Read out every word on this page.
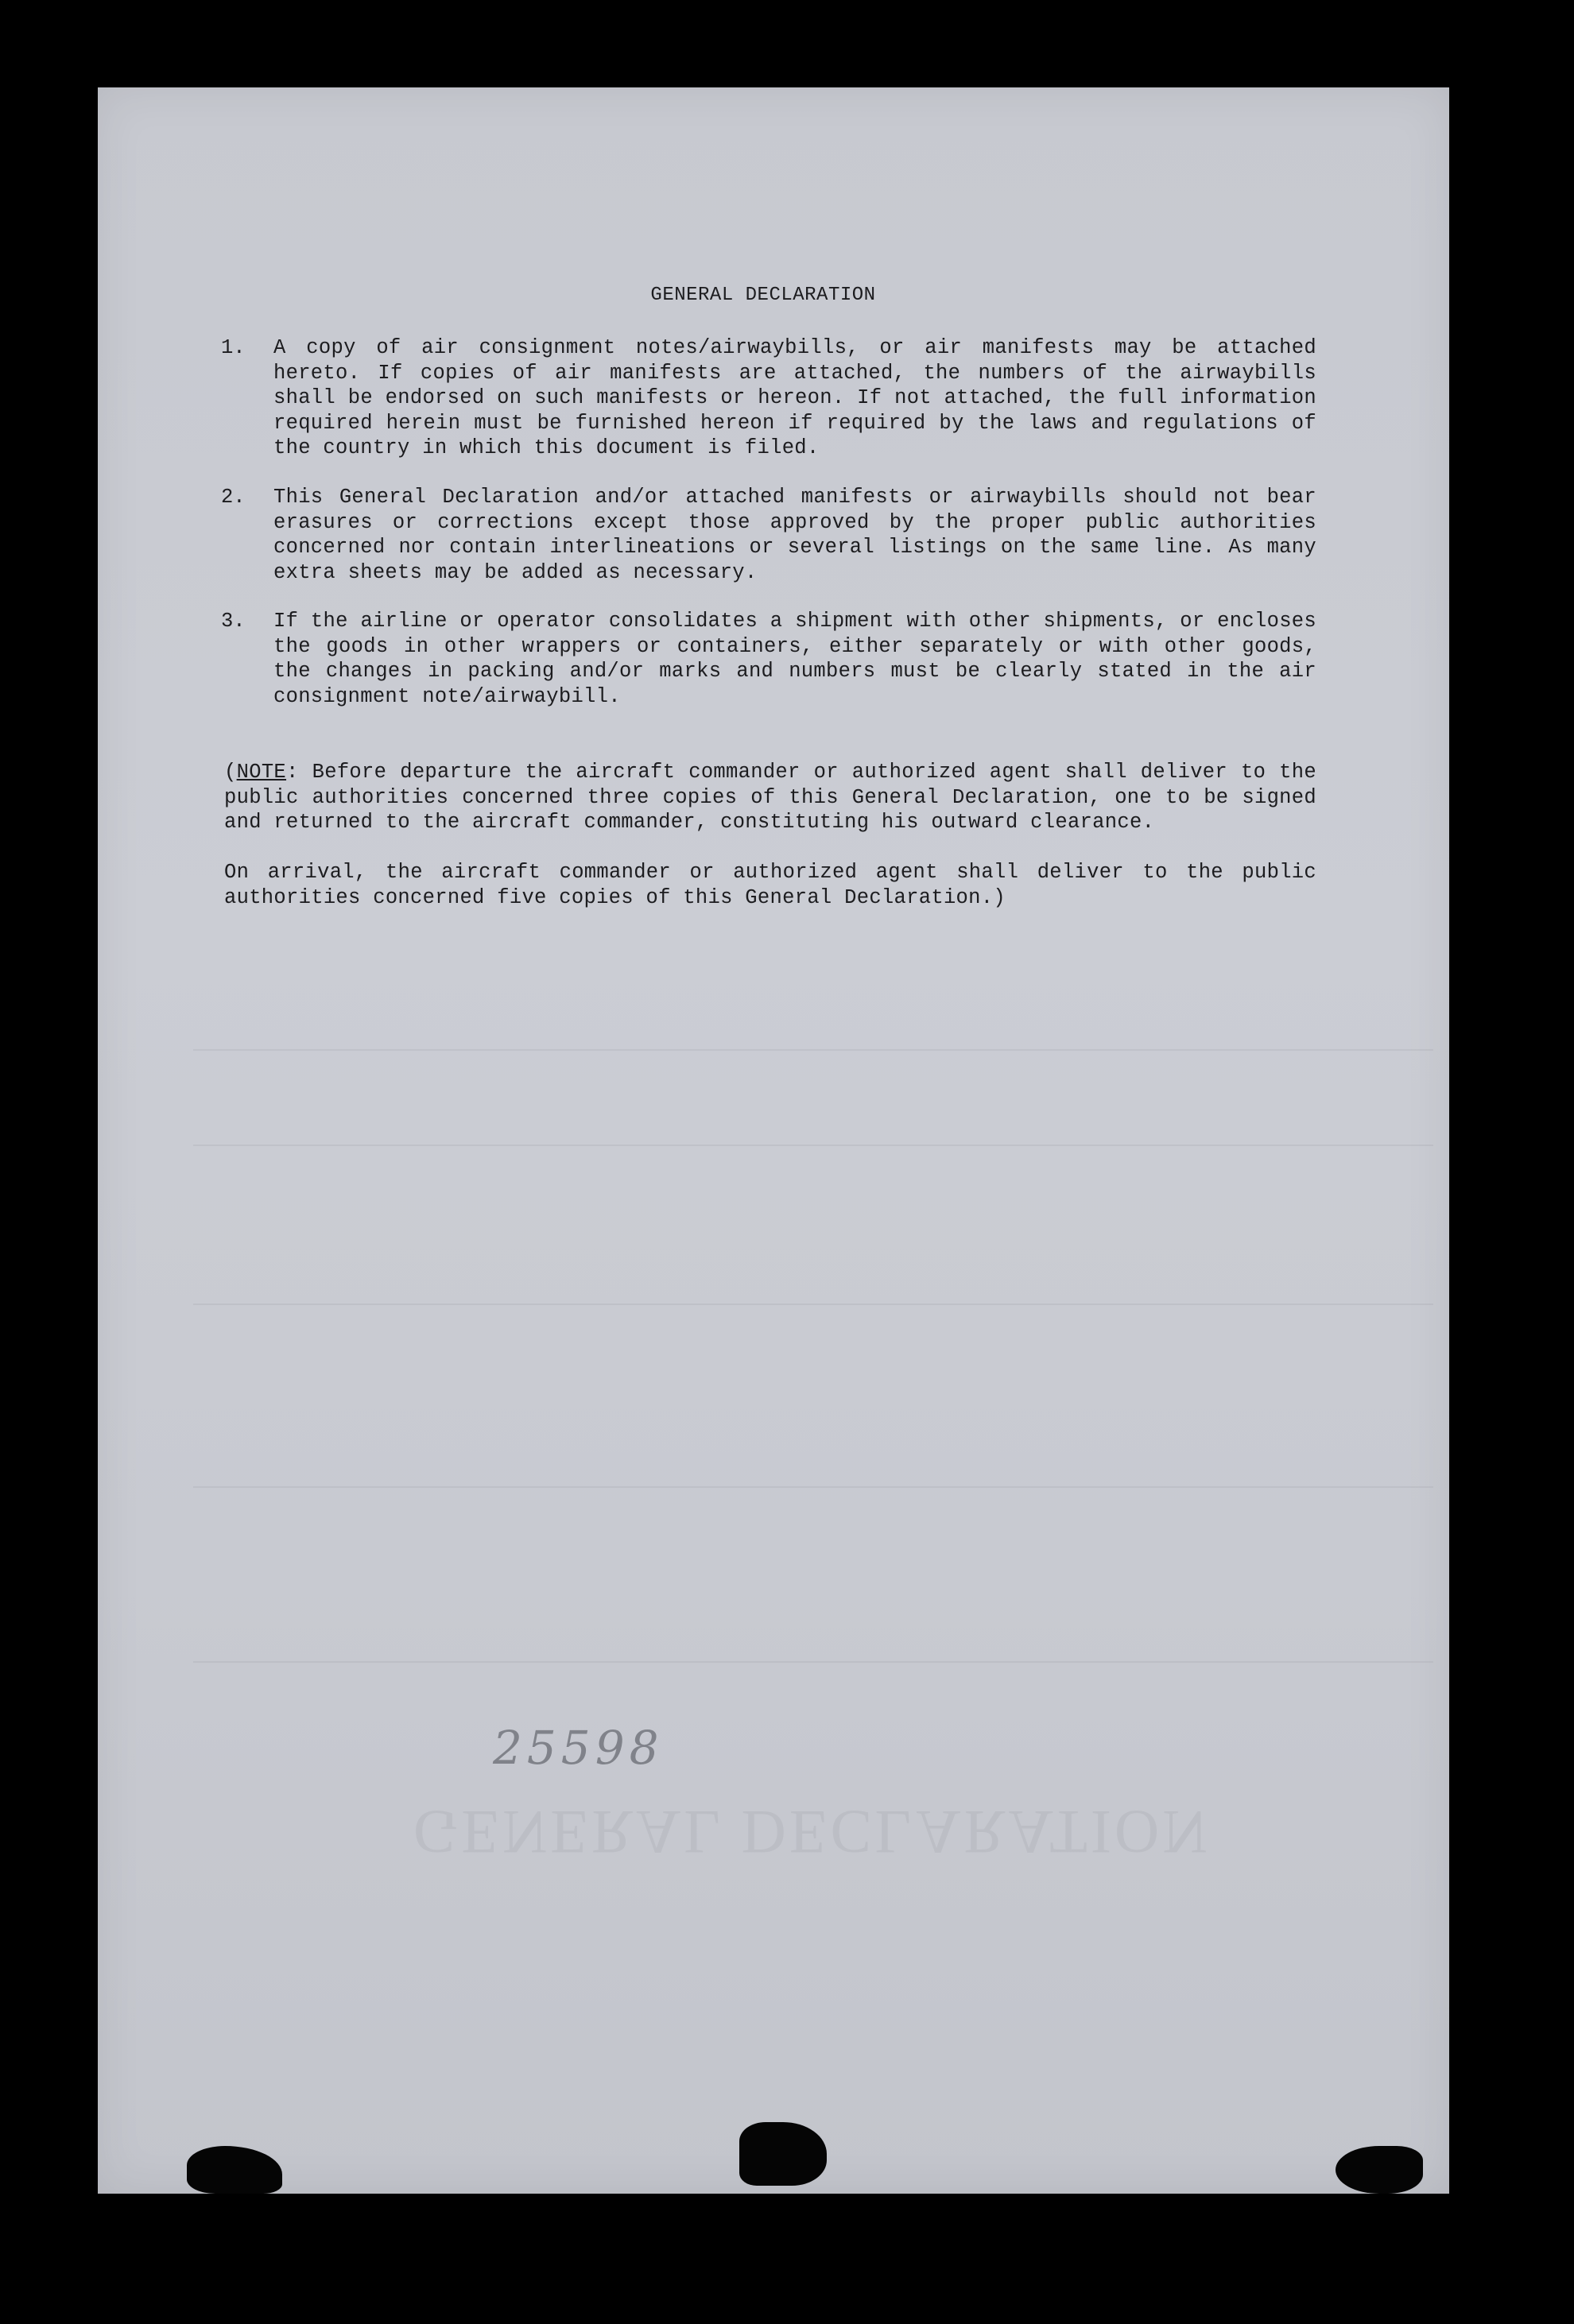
GENERAL DECLARATION
1. A copy of air consignment notes/airwaybills, or air manifests may be attached hereto. If copies of air manifests are attached, the numbers of the airwaybills shall be endorsed on such manifests or hereon. If not attached, the full information required herein must be furnished hereon if required by the laws and regulations of the country in which this document is filed.
2. This General Declaration and/or attached manifests or airwaybills should not bear erasures or corrections except those approved by the proper public authorities concerned nor contain interlineations or several listings on the same line. As many extra sheets may be added as necessary.
3. If the airline or operator consolidates a shipment with other shipments, or encloses the goods in other wrappers or containers, either separately or with other goods, the changes in packing and/or marks and numbers must be clearly stated in the air consignment note/airwaybill.
(NOTE: Before departure the aircraft commander or authorized agent shall deliver to the public authorities concerned three copies of this General Declaration, one to be signed and returned to the aircraft commander, constituting his outward clearance.
On arrival, the aircraft commander or authorized agent shall deliver to the public authorities concerned five copies of this General Declaration.)
GENERAL DECLARATION
25598
